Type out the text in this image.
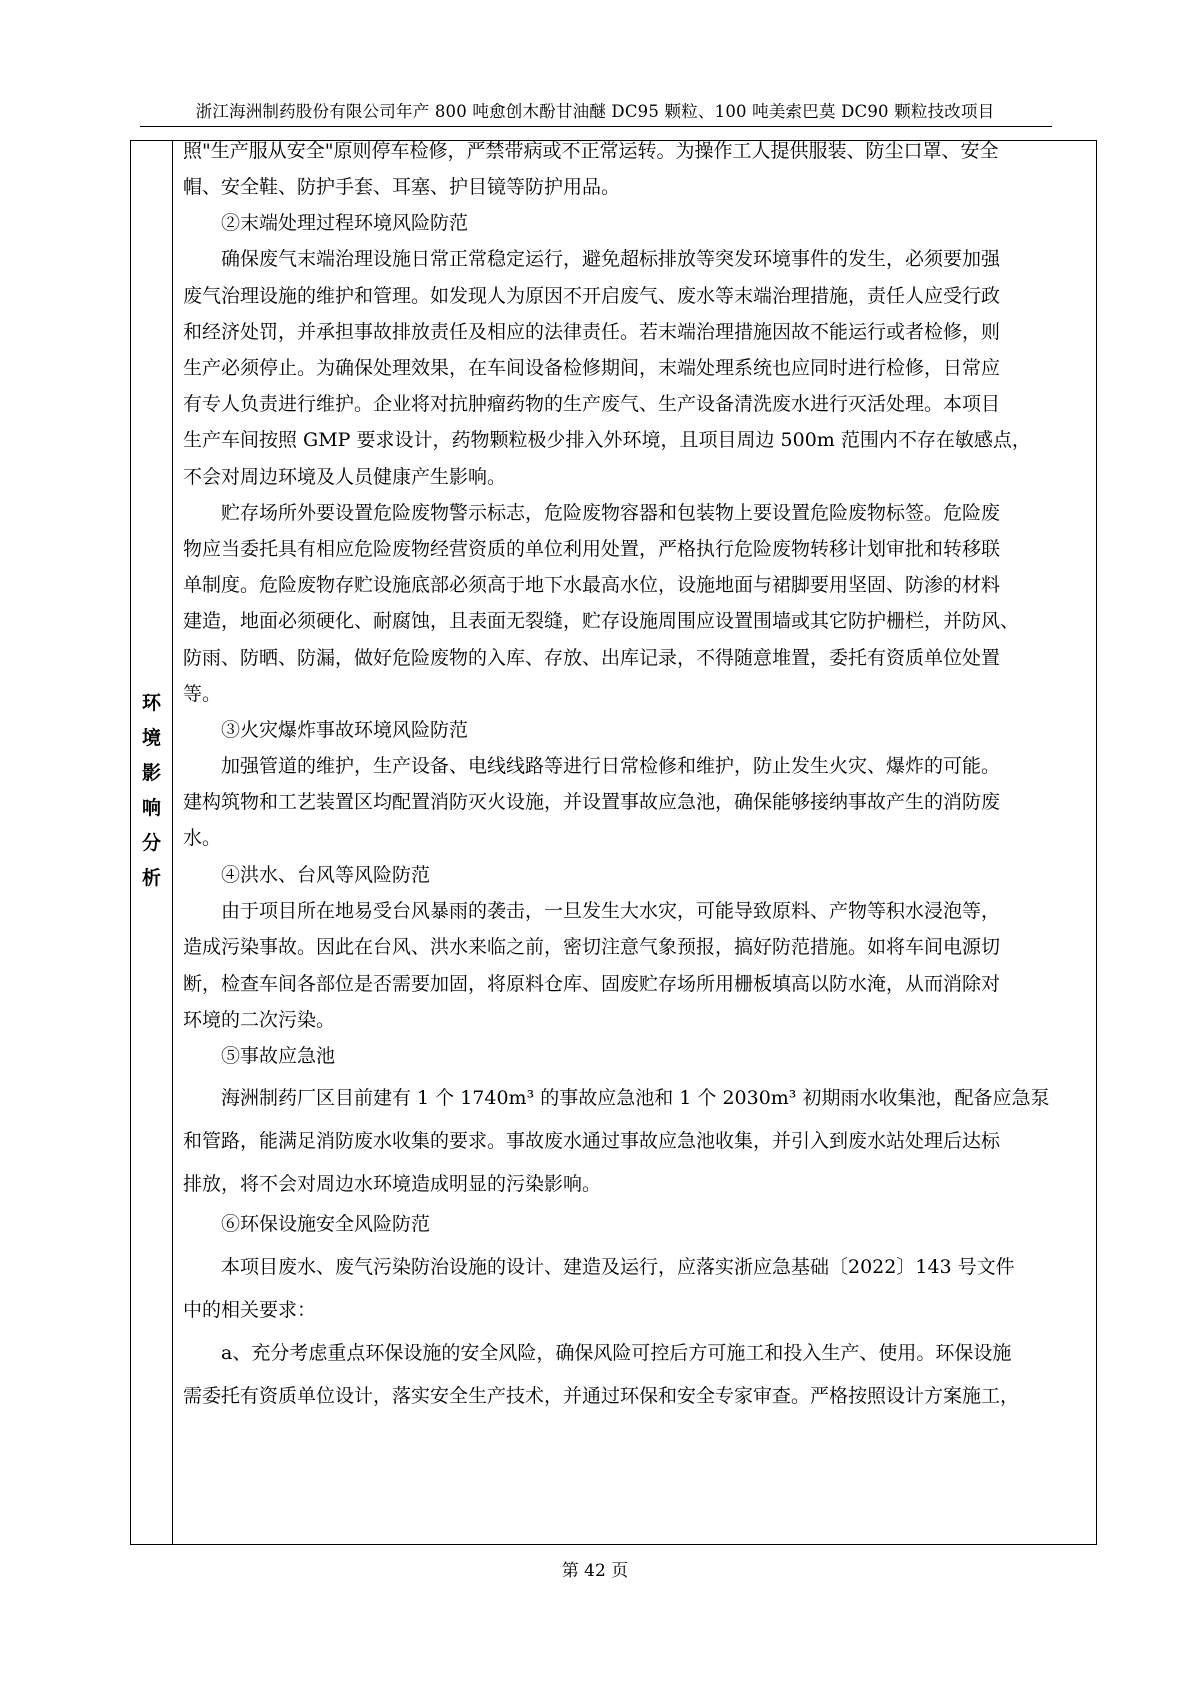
浙江海洲制药股份有限公司年产 800 吨愈创木酚甘油醚 DC95 颗粒、100 吨美索巴莫 DC90 颗粒技改项目
环
境
影
响
分
析
照"生产服从安全"原则停车检修，严禁带病或不正常运转。为操作工人提供服装、防尘口罩、安全
帽、安全鞋、防护手套、耳塞、护目镜等防护用品。
②末端处理过程环境风险防范
确保废气末端治理设施日常正常稳定运行，避免超标排放等突发环境事件的发生，必须要加强
废气治理设施的维护和管理。如发现人为原因不开启废气、废水等末端治理措施，责任人应受行政
和经济处罚，并承担事故排放责任及相应的法律责任。若末端治理措施因故不能运行或者检修，则
生产必须停止。为确保处理效果，在车间设备检修期间，末端处理系统也应同时进行检修，日常应
有专人负责进行维护。企业将对抗肿瘤药物的生产废气、生产设备清洗废水进行灭活处理。本项目
生产车间按照 GMP 要求设计，药物颗粒极少排入外环境，且项目周边 500m 范围内不存在敏感点，
不会对周边环境及人员健康产生影响。
贮存场所外要设置危险废物警示标志，危险废物容器和包装物上要设置危险废物标签。危险废
物应当委托具有相应危险废物经营资质的单位利用处置，严格执行危险废物转移计划审批和转移联
单制度。危险废物存贮设施底部必须高于地下水最高水位，设施地面与裙脚要用坚固、防渗的材料
建造，地面必须硬化、耐腐蚀，且表面无裂缝，贮存设施周围应设置围墙或其它防护栅栏，并防风、
防雨、防晒、防漏，做好危险废物的入库、存放、出库记录，不得随意堆置，委托有资质单位处置
等。
③火灾爆炸事故环境风险防范
加强管道的维护，生产设备、电线线路等进行日常检修和维护，防止发生火灾、爆炸的可能。
建构筑物和工艺装置区均配置消防灭火设施，并设置事故应急池，确保能够接纳事故产生的消防废
水。
④洪水、台风等风险防范
由于项目所在地易受台风暴雨的袭击，一旦发生大水灾，可能导致原料、产物等积水浸泡等，
造成污染事故。因此在台风、洪水来临之前，密切注意气象预报，搞好防范措施。如将车间电源切
断，检查车间各部位是否需要加固，将原料仓库、固废贮存场所用栅板填高以防水淹，从而消除对
环境的二次污染。
⑤事故应急池
海洲制药厂区目前建有 1 个 1740m³ 的事故应急池和 1 个 2030m³ 初期雨水收集池，配备应急泵
和管路，能满足消防废水收集的要求。事故废水通过事故应急池收集，并引入到废水站处理后达标
排放，将不会对周边水环境造成明显的污染影响。
⑥环保设施安全风险防范
本项目废水、废气污染防治设施的设计、建造及运行，应落实浙应急基础〔2022〕143 号文件
中的相关要求：
a、充分考虑重点环保设施的安全风险，确保风险可控后方可施工和投入生产、使用。环保设施
需委托有资质单位设计，落实安全生产技术，并通过环保和安全专家审查。严格按照设计方案施工，
第 42 页
